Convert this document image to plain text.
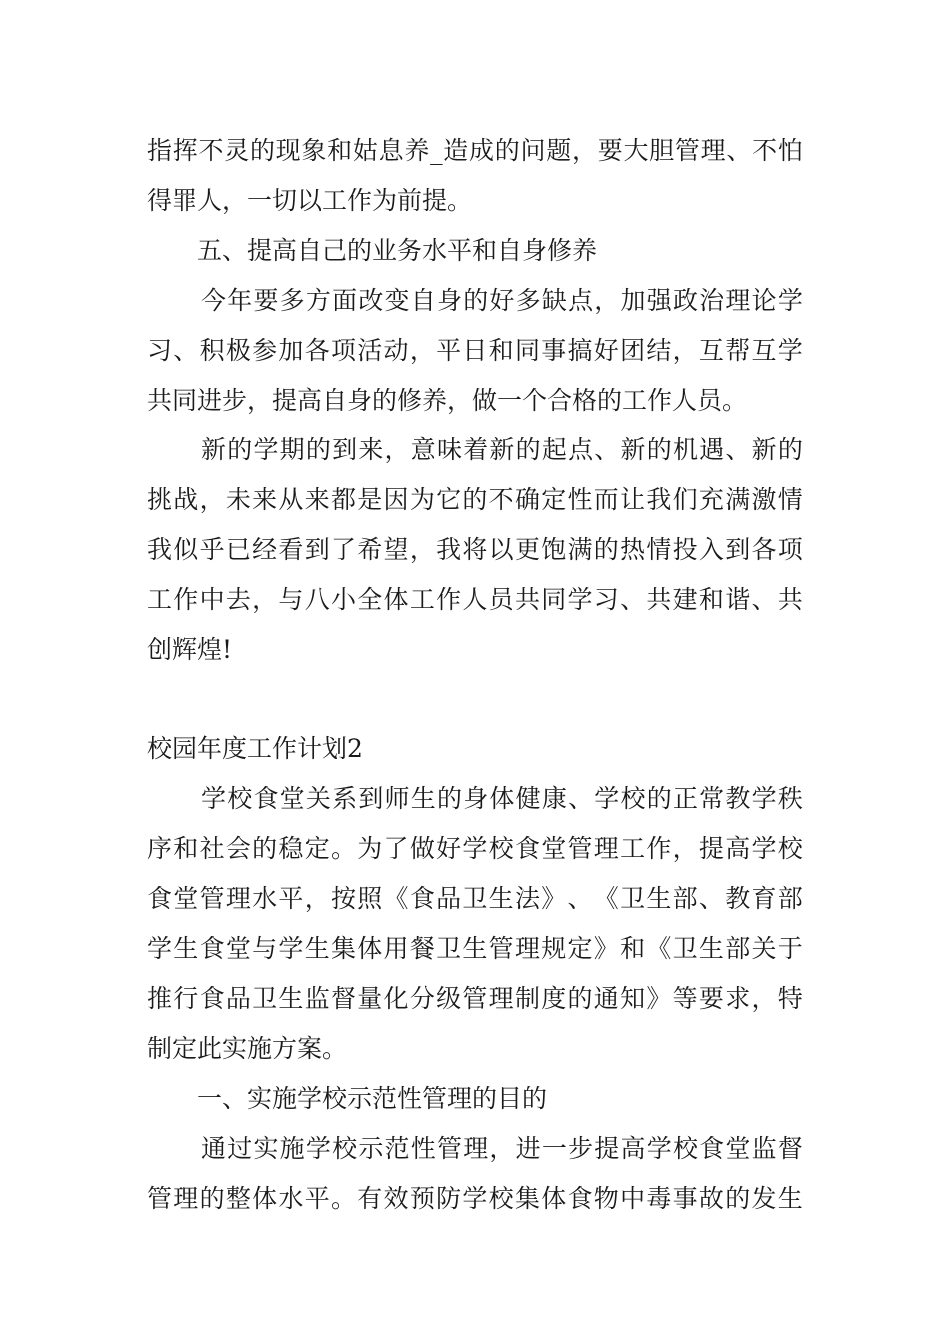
指 挥 不 灵 的 现 象 和 姑 息 养 _ 造 成 的 问 题 ， 要 大 胆 管 理 、 不 怕
得罪人，一切以工作为前提。
五、提高自己的业务水平和自身修养
今 年 要 多 方 面 改 变 自 身 的 好 多 缺 点 ， 加 强 政 治 理 论 学
习 、 积 极 参 加 各 项 活 动 ， 平 日 和 同 事 搞 好 团 结 ， 互 帮 互 学
共同进步，提高自身的修养，做一个合格的工作人员。
新 的 学 期 的 到 来 ， 意 味 着 新 的 起 点 、 新 的 机 遇 、 新 的
挑 战 ， 未 来 从 来 都 是 因 为 它 的 不 确 定 性 而 让 我 们 充 满 激 情
我 似 乎 已 经 看 到 了 希 望 ， 我 将 以 更 饱 满 的 热 情 投 入 到 各 项
工 作 中 去 ， 与 八 小 全 体 工 作 人 员 共 同 学 习 、 共 建 和 谐 、 共
创辉煌!
校园年度工作计划2
学 校 食 堂 关 系 到 师 生 的 身 体 健 康 、 学 校 的 正 常 教 学 秩
序 和 社 会 的 稳 定 。 为 了 做 好 学 校 食 堂 管 理 工 作 ， 提 高 学 校
食 堂 管 理 水 平 ， 按 照 《 食 品 卫 生 法 》 、 《 卫 生 部 、 教 育 部
学 生 食 堂 与 学 生 集 体 用 餐 卫 生 管 理 规 定 》 和 《 卫 生 部 关 于
推 行 食 品 卫 生 监 督 量 化 分 级 管 理 制 度 的 通 知 》 等 要 求 ， 特
制定此实施方案。
一、实施学校示范性管理的目的
通 过 实 施 学 校 示 范 性 管 理 ， 进 一 步 提 高 学 校 食 堂 监 督
管 理 的 整 体 水 平 。 有 效 预 防 学 校 集 体 食 物 中 毒 事 故 的 发 生
